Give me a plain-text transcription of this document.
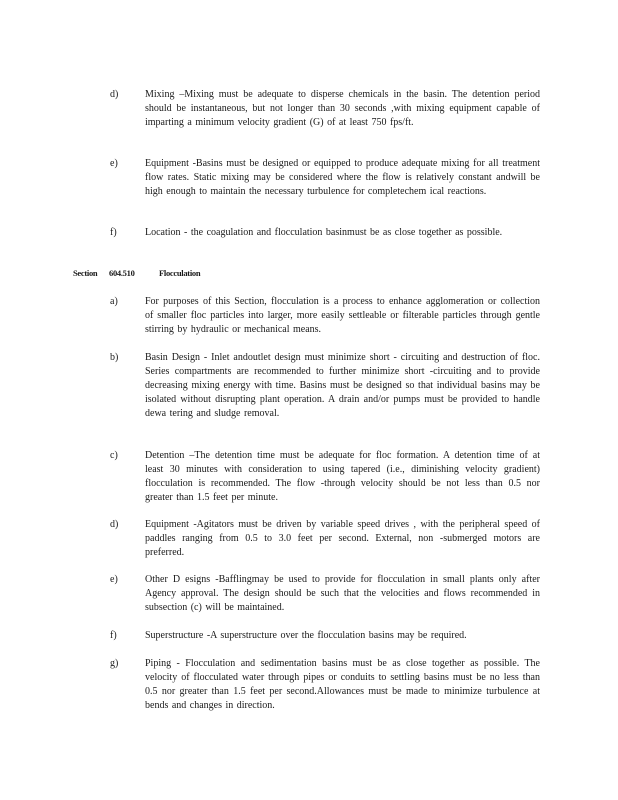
d)	Mixing –Mixing must be adequate to disperse chemicals in the basin. The detention period should be instantaneous, but not longer than 30 seconds ,with mixing equipment capable of imparting a minimum velocity gradient (G) of at least 750 fps/ft.
e)	Equipment -Basins must be designed or equipped to produce adequate mixing for all treatment flow rates. Static mixing may be considered where the flow is relatively constant andwill be high enough to maintain the necessary turbulence for completechem ical reactions.
f)	Location - the coagulation and flocculation basinmust be as close together as possible.
Section 604.510	Flocculation
a)	For purposes of this Section, flocculation is a process to enhance agglomeration or collection of smaller floc particles into larger, more easily settleable or filterable particles through gentle stirring by hydraulic or mechanical means.
b)	Basin Design - Inlet andoutlet design must minimize short - circuiting and destruction of floc. Series compartments are recommended to further minimize short -circuiting and to provide decreasing mixing energy with time. Basins must be designed so that individual basins may be isolated without disrupting plant operation. A drain and/or pumps must be provided to handle dewa tering and sludge removal.
c)	Detention –The detention time must be adequate for floc formation. A detention time of at least 30 minutes with consideration to using tapered (i.e., diminishing velocity gradient) flocculation is recommended. The flow -through velocity should be not less than 0.5 nor greater than 1.5 feet per minute.
d)	Equipment -Agitators must be driven by variable speed drives , with the peripheral speed of paddles ranging from 0.5 to 3.0 feet per second. External, non -submerged motors are preferred.
e)	Other D esigns -Bafflingmay be used to provide for flocculation in small plants only after Agency approval. The design should be such that the velocities and flows recommended in subsection (c) will be maintained.
f)	Superstructure -A superstructure over the flocculation basins may be required.
g)	Piping - Flocculation and sedimentation basins must be as close together as possible. The velocity of flocculated water through pipes or conduits to settling basins must be no less than 0.5 nor greater than 1.5 feet per second.Allowances must be made to minimize turbulence at bends and changes in direction.
